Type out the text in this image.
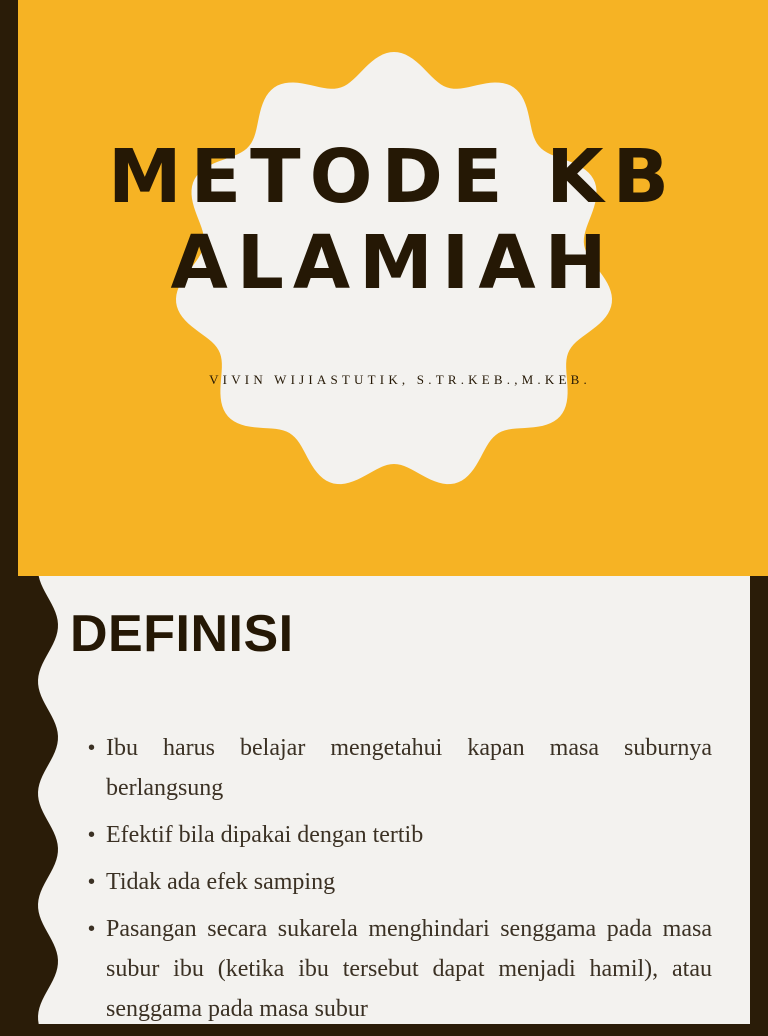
METODE KB
ALAMIAH
VIVIN WIJIASTUTIK, S.TR.KEB.,M.KEB.
DEFINISI
• Ibu harus belajar mengetahui kapan masa suburnya berlangsung
• Efektif bila dipakai dengan tertib
• Tidak ada efek samping
• Pasangan secara sukarela menghindari senggama pada masa subur ibu (ketika ibu tersebut dapat menjadi hamil), atau senggama pada masa subur
